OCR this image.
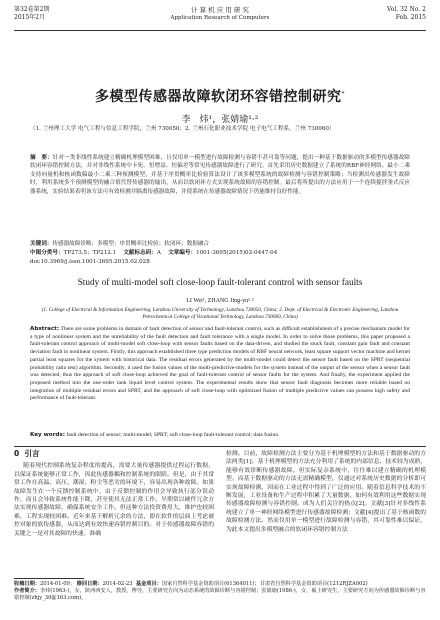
第32卷第2期
2015年2月
计 算 机 应 用 研 究
Application Research of Computers
Vol. 32 No. 2
Feb. 2015
多模型传感器故障软闭环容错控制研究*
李　炜¹，张婧瑜¹·²
（1. 兰州理工大学 电气工程与信息工程学院，兰州 730050；2. 兰州石化职业技术学院 电子电气工程系，兰州 730060）
摘　要：针对一类非线性系统建立精确机理模型困难、且仅用单一模型进行故障检测与容错不甚可靠等问题，提出一种基于数据驱动的多模型传感器故障软闭环容错控制方法，并对非线性系统中卡死、恒增益、恒偏差等常见传感器故障进行了研究。首先采用历史数据建立了系统的RBF神经网络、最小二乘支持向量机和核函数偏最小二乘三种预测模型，并基于序贯概率比检验算法设计了该多模型系统的故障检测与容错控制策略；当检测出传感器发生故障时，利用系统多个预测模型的融合值代替传感器的输出，从而以软闭环方式实现系统故障的容错控制。最后将所提出的方法应用于一个连续搅拌釜式反应器系统，实验结果表明该方法可有效检测并隔离传感器故障，并使系统在传感器故障情况下仍能维持良好性能。
关键词：传感器故障诊断；多模型；序贯概率比检验；软闭环；数据融合
中图分类号：TP273.5；TP212.1 文献标志码：A 文章编号：1001-3695(2015)02-0447-04
doi:10.3969/j.issn.1001-3695.2015.02.028
Study of multi-model soft close-loop fault-tolerant control with sensor faults
LI Wei¹, ZHANG Jing-yu¹·²
(1. College of Electrical & Information Engineering, Lanzhou University of Technology, Lanzhou 730050, China; 2. Dept. of Electrical & Electronic Engineering, Lanzhou Petrochemical College of Vocational Technology, Lanzhou 730060, China)
Abstract: There are some problems in domain of fault detection of sensor and fault-tolerant control, such as difficult establishment of a precise mechanism model for a type of nonlinear system and the unreliability of the fault detection and fault tolerance with a single model. In order to solve those problems, this paper proposed a fault-tolerant control approach of multi-model soft close-loop with sensor faults based on the data-driven, and studied the stuck fault, constant gain fault and constant deviation fault in nonlinear system. Firstly, this approach established three type prediction models of RBF neural network, least square support vector machine and kernel partial least squares for the system with historical data. The residual errors generated by the multi-model could detect the sensor fault based on the SPRT (sequential probability ratio test) algorithm. Secondly, it used the fusion values of the multi-predictive-models for the system instead of the output of the sensor when a sensor fault was detected, thus the approach of soft close-loop achieved the goal of fault-tolerant control of sensor faults for the system. And finally, the experiment applied the proposed method into the one-order tank liquid level control system. The experimental results show that sensor fault diagnosis becomes more reliable based on integration of multiple residual errors and SPRT, and the approach of soft close-loop with optimized fusion of multiple predictive values can possess high safety and performance of fault-tolerant.
Key words: fault detection of sensor; multi-model; SPRT; soft close-loop fault-tolerant control; data fusion
0 引言
随着现代控制系统复杂程度的提高，需要大量传感器提供过程运行数据，以保证系统能够正常工作，因此传感器耦和控制系统的眼睛。但是，由于其常常工作在高温、高压、潮湿、粉尘等恶劣的环境下，容易出现各种故障。如果故障发生在一个反馈控制系统中，由于反馈控制的作用会导致执行部分误动作，而且会导致系统性能下降，甚至使其无法正常工作。早期常以硬件冗余方法实现传感器故障，确保系统安全工作。但这种方法投资费用大，维护也较困难，工程实现较困难。近年来基于解析冗余的方法，即在软件的层面上考虑被控对象的软传感器，从而达到有效快速容错控制目的。对于传感器故障容错的关键之一是对其故障的快速、准确
检测。目前，故障检测方法主要分为基于机理模型的方法和基于数据驱动的方法两类[1]。基于机理模型的方法充分利用了系统的内部信息，技术较为成熟，能够有效诊断传感器故障。但实际复杂系统中，往往难以建立精确的机理模型。而基于数据驱动的方法无需精确模型，仅通过对系统历史数据的分析即可实现故障检测，因而在工业过程中得到了广泛的应用。随着信息科学技术的不断发展，工业设备和生产过程中积累了大量数据，如何有效利用这些数据实现传感器故障检测与容错控制，成为人们关注的热点[2]。文献[3]针对非线性系统建立了单一神经网络模型进行传感器故障检测；文献[4]提出了基于核函数的故障检测方法。然而仅用单一模型进行故障检测与容错，其可靠性难以保证，为此本文提出多模型融合的软闭环容错控制方法
收稿日期：2014-01-09； 修回日期：2014-02-23 基金项目：国家自然科学基金资助项目(61364011)；甘肃省自然科学基金资助项目(1212RJZA002)
作者简介：李炜(1963-)，女，陕西西安人，教授，博导，主要研究方向为动态系统的故障诊断与容错控制；张婧瑜(1986-)，女，硕士研究生，主要研究方向为传感器故障诊断与容错控制(zhjy_30@163.com)。
